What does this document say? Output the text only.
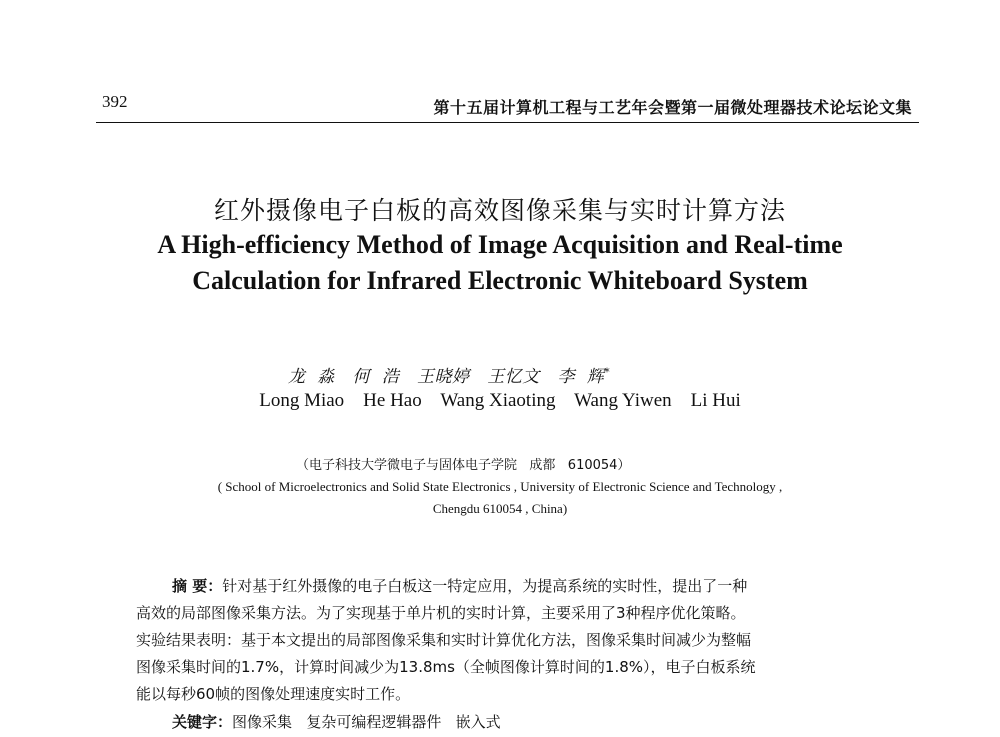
392	第十五届计算机工程与工艺年会暨第一届微处理器技术论坛论文集
红外摄像电子白板的高效图像采集与实时计算方法
A High-efficiency Method of Image Acquisition and Real-time
Calculation for Infrared Electronic Whiteboard System
龙  淼   何  浩   王晓婷   王忆文   李  辉*
Long Miao    He Hao    Wang Xiaoting    Wang Yiwen    Li Hui
（电子科技大学微电子与固体电子学院   成都   610054）
( School of Microelectronics and Solid State Electronics , University of Electronic Science and Technology ,
Chengdu 610054 , China)
摘 要：针对基于红外摄像的电子白板这一特定应用，为提高系统的实时性，提出了一种
高效的局部图像采集方法。为了实现基于单片机的实时计算，主要采用了3种程序优化策略。
实验结果表明：基于本文提出的局部图像采集和实时计算优化方法，图像采集时间减少为整幅
图像采集时间的1.7%，计算时间减少为13.8ms（全帧图像计算时间的1.8%），电子白板系统
能以每秒60帧的图像处理速度实时工作。
关键字：图像采集   复杂可编程逻辑器件   嵌入式
